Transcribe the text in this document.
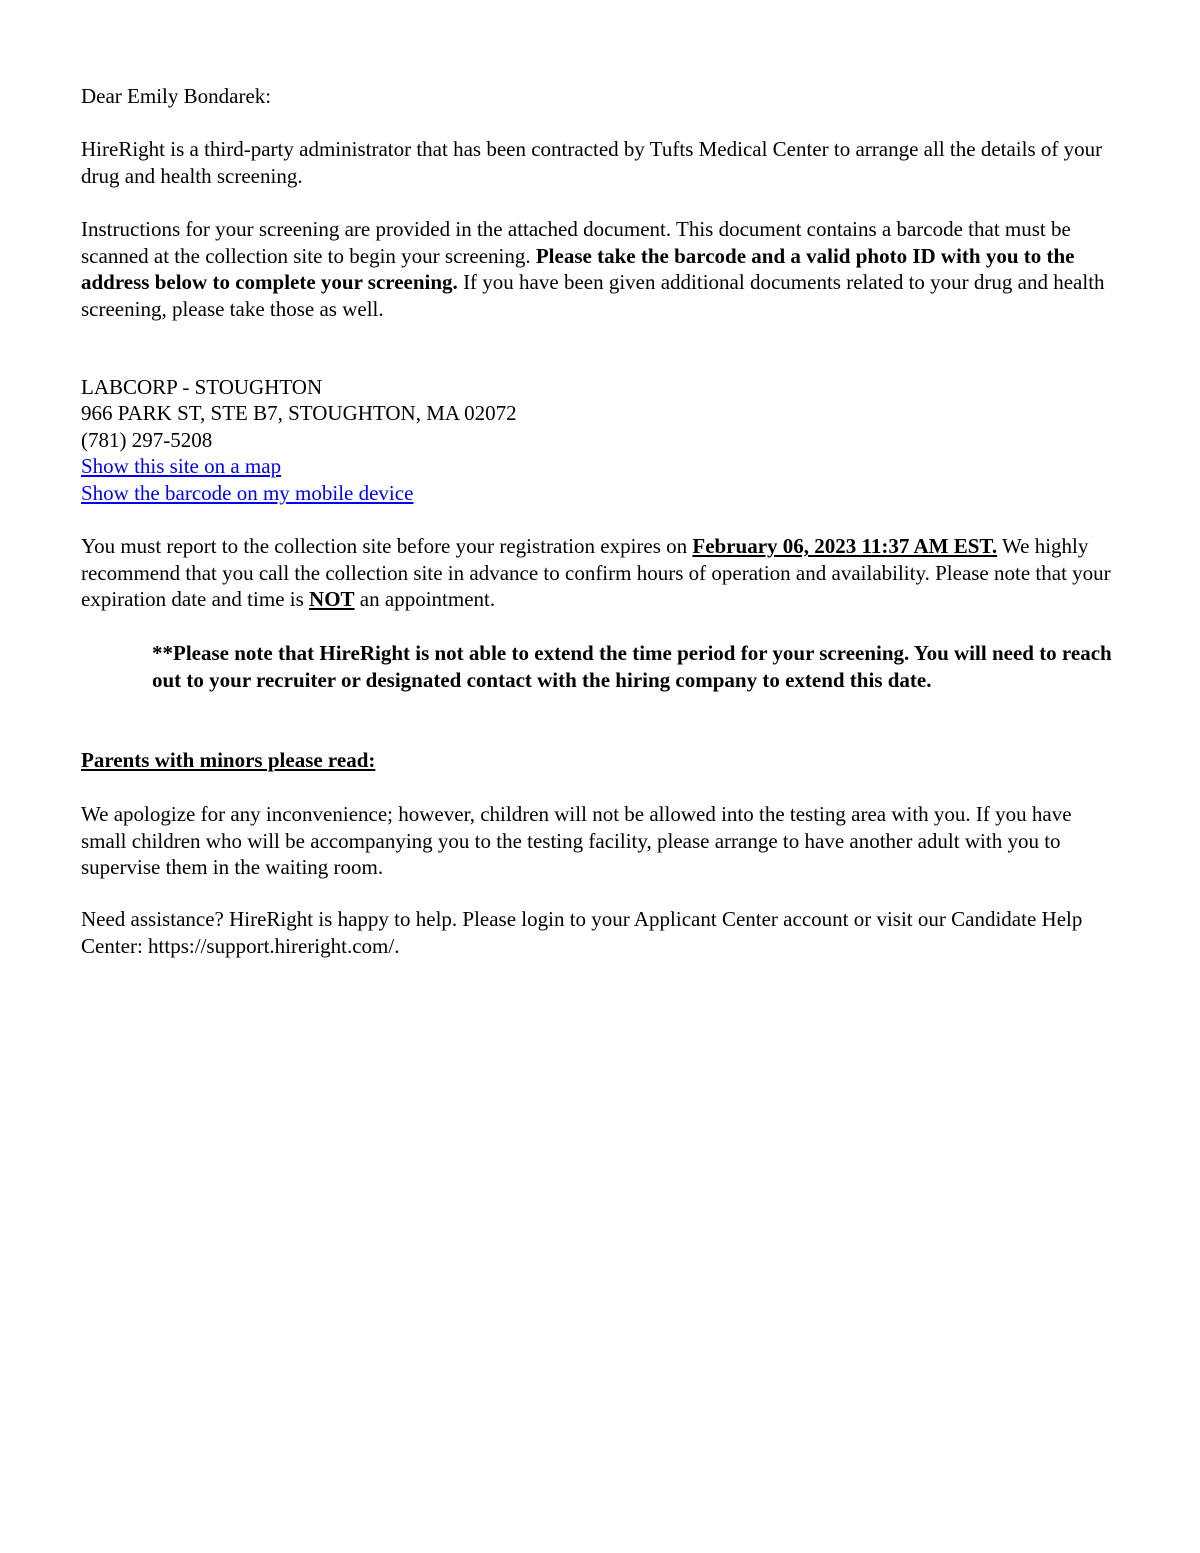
Dear Emily Bondarek:

HireRight is a third-party administrator that has been contracted by Tufts Medical Center to arrange all the details of your drug and health screening.

Instructions for your screening are provided in the attached document. This document contains a barcode that must be scanned at the collection site to begin your screening. Please take the barcode and a valid photo ID with you to the address below to complete your screening. If you have been given additional documents related to your drug and health screening, please take those as well.

LABCORP - STOUGHTON

966 PARK ST, STE B7, STOUGHTON, MA 02072

(781) 297-5208

Show this site on a map

Show the barcode on my mobile device

You must report to the collection site before your registration expires on February 06, 2023 11:37 AM EST. We highly recommend that you call the collection site in advance to confirm hours of operation and availability. Please note that your expiration date and time is NOT an appointment.

**Please note that HireRight is not able to extend the time period for your screening. You will need to reach out to your recruiter or designated contact with the hiring company to extend this date.

Parents with minors please read:

We apologize for any inconvenience; however, children will not be allowed into the testing area with you. If you have small children who will be accompanying you to the testing facility, please arrange to have another adult with you to supervise them in the waiting room.

Need assistance? HireRight is happy to help. Please login to your Applicant Center account or visit our Candidate Help Center: https://support.hireright.com/.
